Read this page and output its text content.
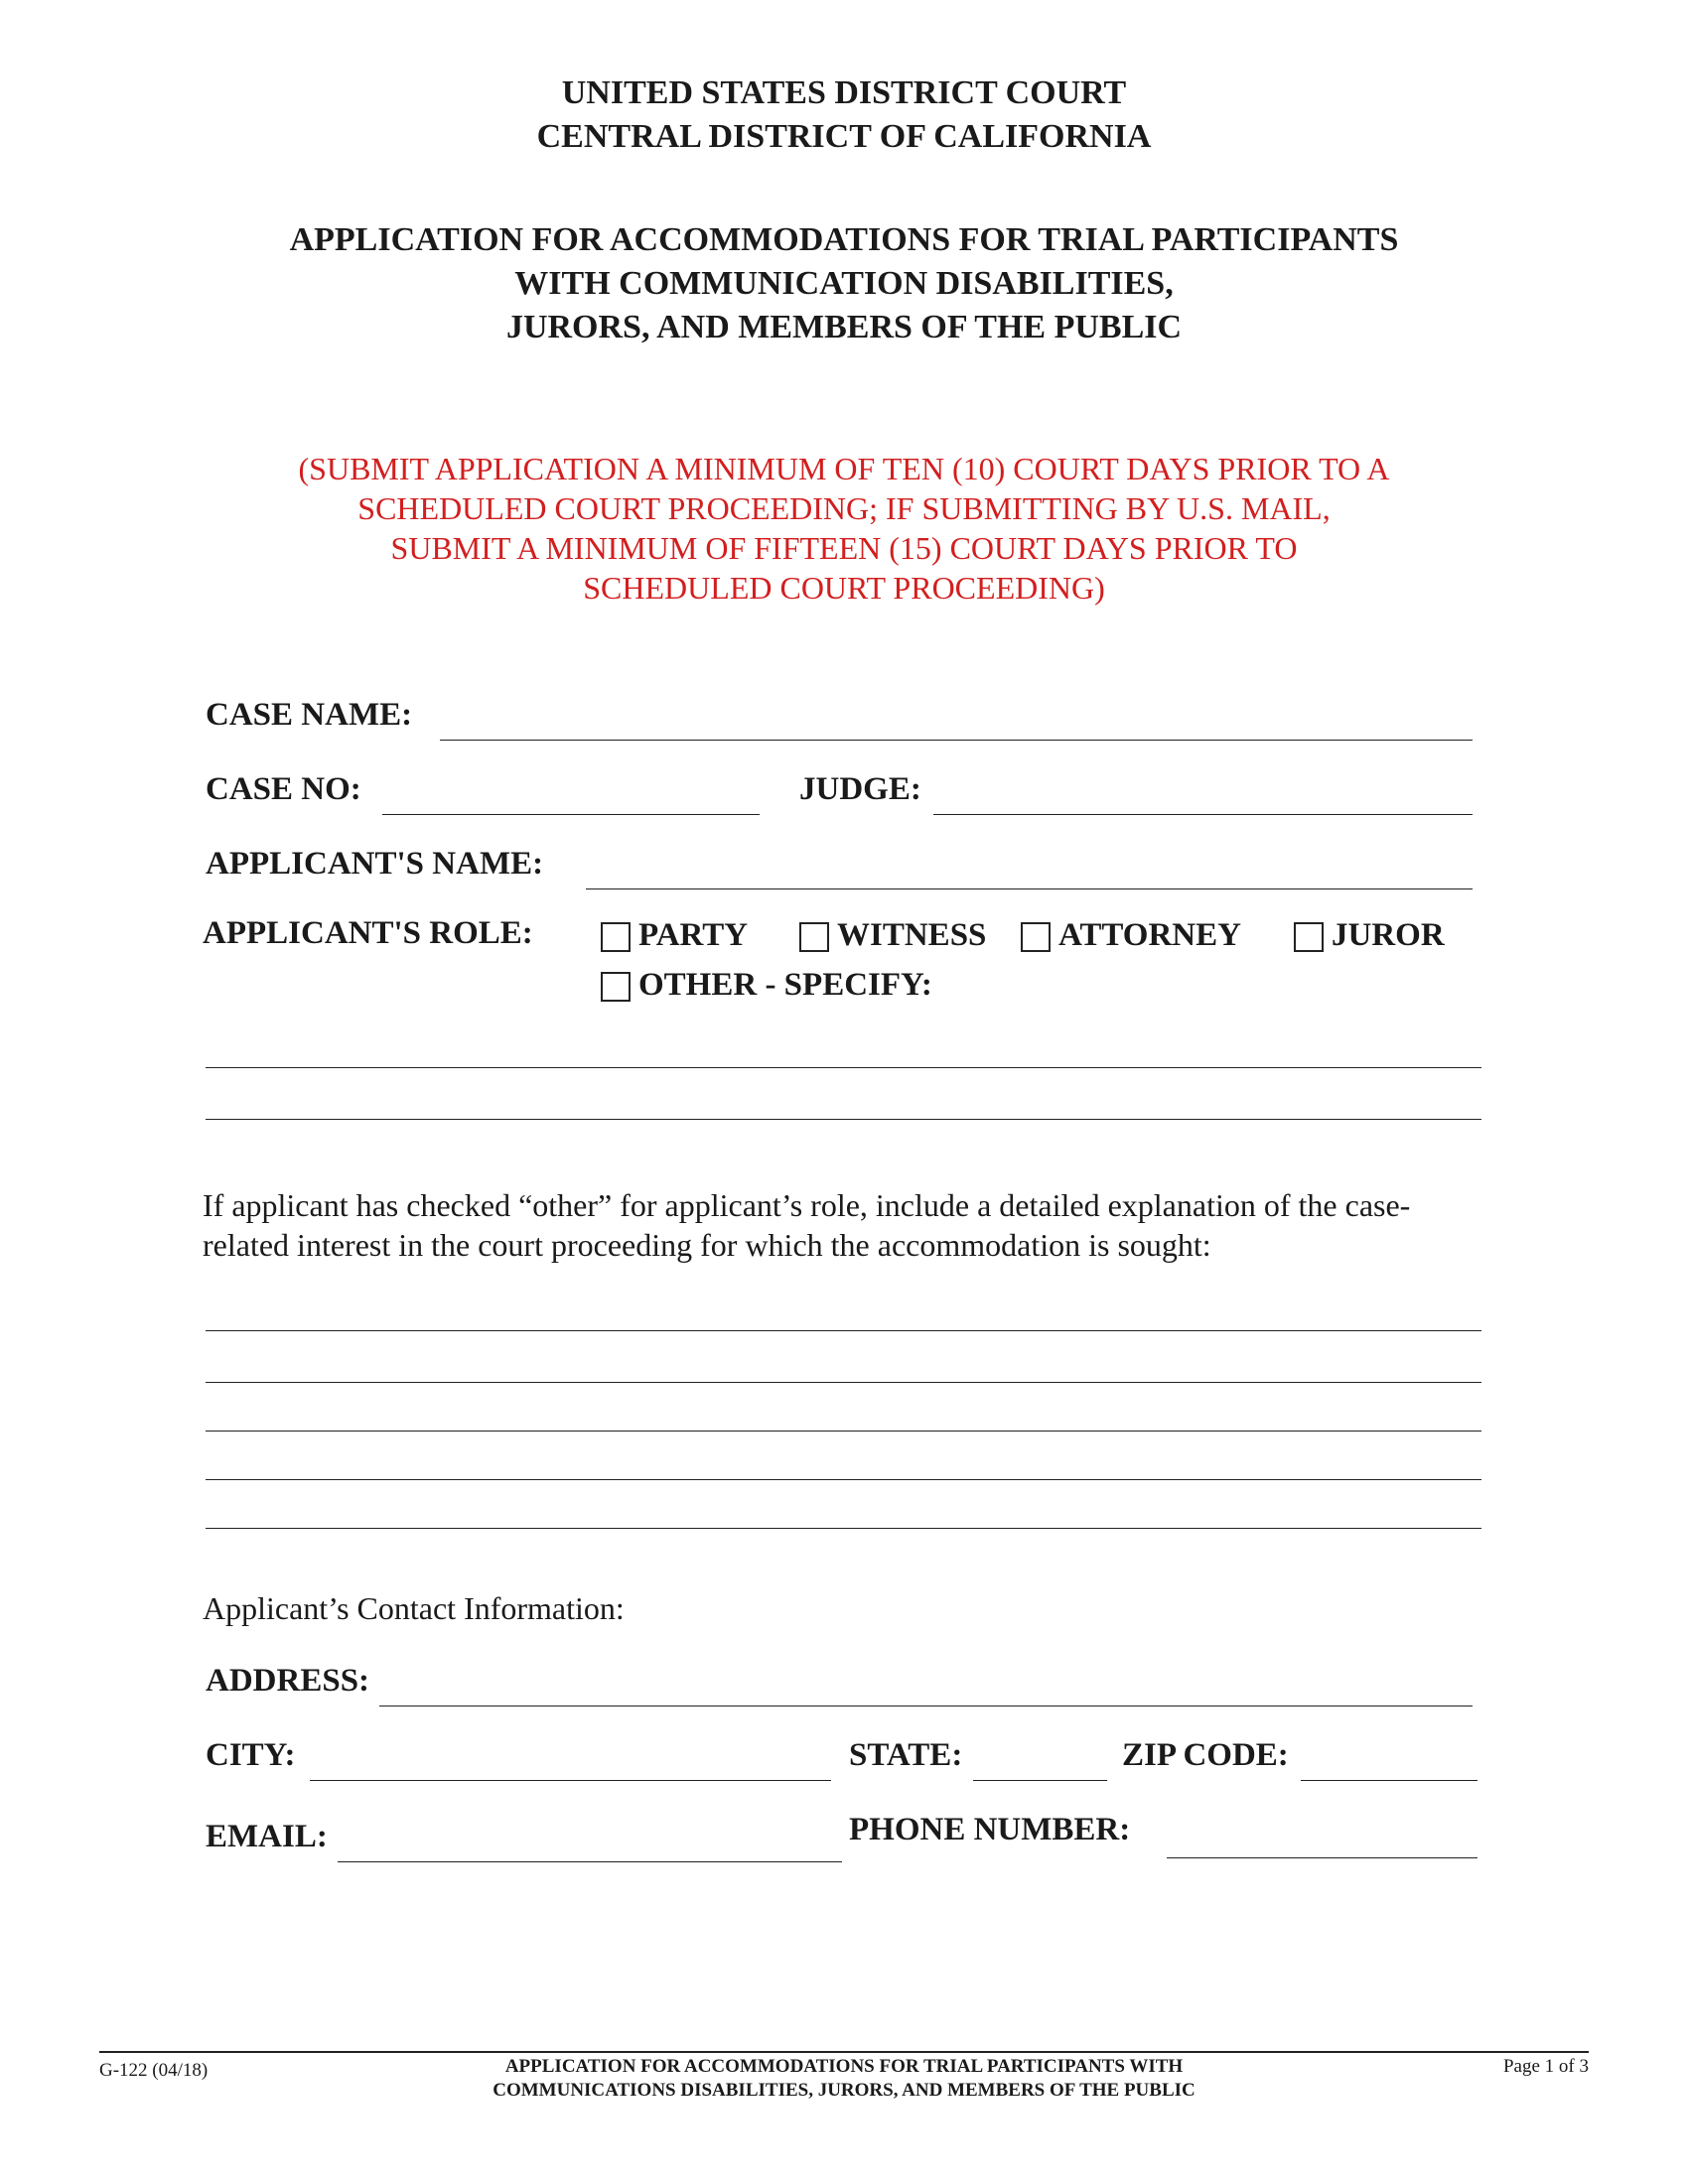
UNITED STATES DISTRICT COURT
CENTRAL DISTRICT OF CALIFORNIA
APPLICATION FOR ACCOMMODATIONS FOR TRIAL PARTICIPANTS
WITH COMMUNICATION DISABILITIES,
JURORS, AND MEMBERS OF THE PUBLIC
(SUBMIT APPLICATION A MINIMUM OF TEN (10) COURT DAYS PRIOR TO A
SCHEDULED COURT PROCEEDING; IF SUBMITTING BY U.S. MAIL,
SUBMIT A MINIMUM OF FIFTEEN (15) COURT DAYS PRIOR TO
SCHEDULED COURT PROCEEDING)
CASE NAME:
CASE NO:	JUDGE:
APPLICANT'S NAME:
APPLICANT'S ROLE:	PARTY	WITNESS ATTORNEY	JUROR
OTHER - SPECIFY:
If applicant has checked “other” for applicant’s role, include a detailed explanation of the case-
related interest in the court proceeding for which the accommodation is sought:
Applicant’s Contact Information:
ADDRESS:
CITY:	STATE:	ZIP CODE:
EMAIL:	PHONE NUMBER:
G-122 (04/18)	APPLICATION FOR ACCOMMODATIONS FOR TRIAL PARTICIPANTS WITH
COMMUNICATIONS DISABILITIES, JURORS, AND MEMBERS OF THE PUBLIC
Page 1 of 3
